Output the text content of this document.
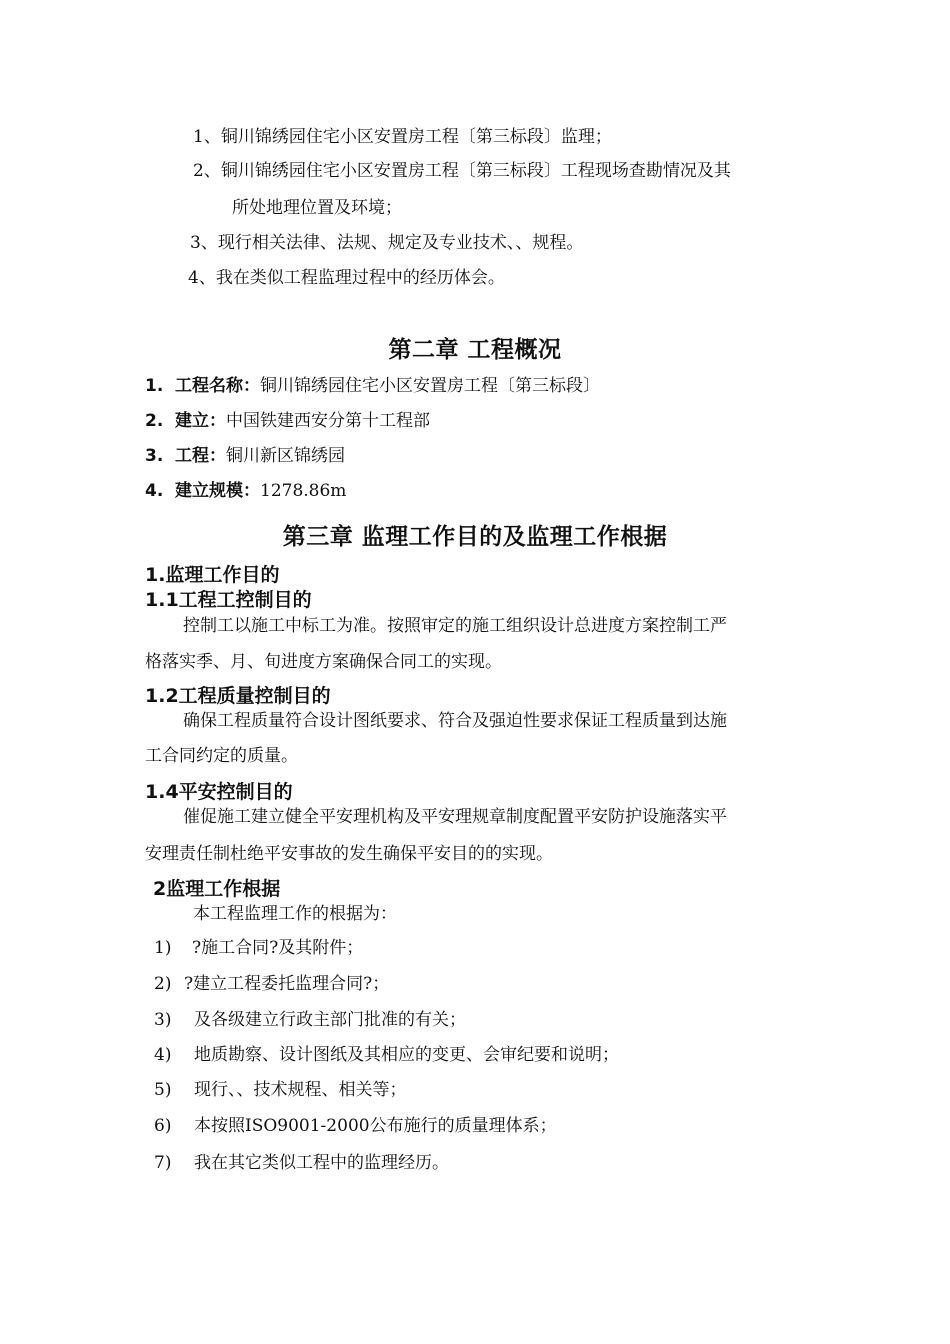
1、铜川锦绣园住宅小区安置房工程〔第三标段〕监理；
2、铜川锦绣园住宅小区安置房工程〔第三标段〕工程现场查勘情况及其
所处地理位置及环境；
3、现行相关法律、法规、规定及专业技术、、规程。
4、我在类似工程监理过程中的经历体会。
第二章 工程概况
1. 工程名称：铜川锦绣园住宅小区安置房工程〔第三标段〕
2. 建立：中国铁建西安分第十工程部
3. 工程：铜川新区锦绣园
4. 建立规模：1278.86m
第三章 监理工作目的及监理工作根据
1.监理工作目的
1.1工程工控制目的
控制工以施工中标工为准。按照审定的施工组织设计总进度方案控制工严
格落实季、月、旬进度方案确保合同工的实现。
1.2工程质量控制目的
确保工程质量符合设计图纸要求、符合及强迫性要求保证工程质量到达施
工合同约定的质量。
1.4平安控制目的
催促施工建立健全平安理机构及平安理规章制度配置平安防护设施落实平
安理责任制杜绝平安事故的发生确保平安目的的实现。
2监理工作根据
本工程监理工作的根据为：
1) ?施工合同?及其附件；
2) ?建立工程委托监理合同?；
3) 及各级建立行政主部门批准的有关；
4) 地质勘察、设计图纸及其相应的变更、会审纪要和说明；
5) 现行、、技术规程、相关等；
6) 本按照ISO9001-2000公布施行的质量理体系；
7) 我在其它类似工程中的监理经历。
